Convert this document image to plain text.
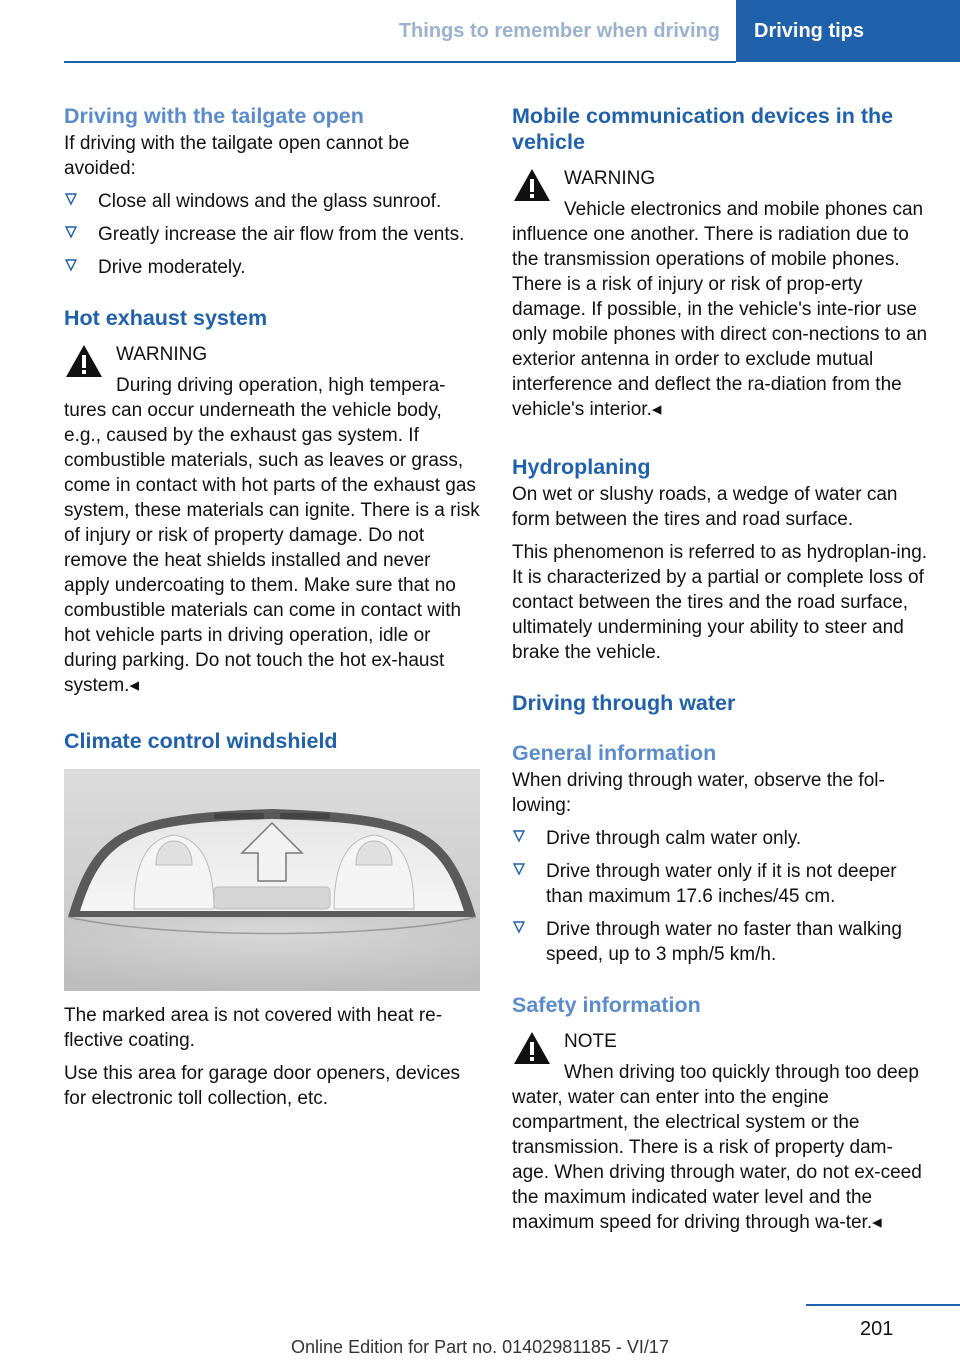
Things to remember when driving	Driving tips
Driving with the tailgate open
If driving with the tailgate open cannot be avoided:
Close all windows and the glass sunroof.
Greatly increase the air flow from the vents.
Drive moderately.
Hot exhaust system
WARNING
During driving operation, high tempera-tures can occur underneath the vehicle body, e.g., caused by the exhaust gas system. If combustible materials, such as leaves or grass, come in contact with hot parts of the exhaust gas system, these materials can ignite. There is a risk of injury or risk of property damage. Do not remove the heat shields installed and never apply undercoating to them. Make sure that no combustible materials can come in contact with hot vehicle parts in driving operation, idle or during parking. Do not touch the hot ex-haust system.◂
Climate control windshield
The marked area is not covered with heat re-flective coating.
Use this area for garage door openers, devices for electronic toll collection, etc.
Mobile communication devices in the vehicle
WARNING
Vehicle electronics and mobile phones can influence one another. There is radiation due to the transmission operations of mobile phones. There is a risk of injury or risk of prop-erty damage. If possible, in the vehicle's inte-rior use only mobile phones with direct con-nections to an exterior antenna in order to exclude mutual interference and deflect the ra-diation from the vehicle's interior.◂
Hydroplaning
On wet or slushy roads, a wedge of water can form between the tires and road surface.
This phenomenon is referred to as hydroplan-ing. It is characterized by a partial or complete loss of contact between the tires and the road surface, ultimately undermining your ability to steer and brake the vehicle.
Driving through water
General information
When driving through water, observe the fol-lowing:
Drive through calm water only.
Drive through water only if it is not deeper than maximum 17.6 inches/45 cm.
Drive through water no faster than walking speed, up to 3 mph/5 km/h.
Safety information
NOTE
When driving too quickly through too deep water, water can enter into the engine compartment, the electrical system or the transmission. There is a risk of property dam-age. When driving through water, do not ex-ceed the maximum indicated water level and the maximum speed for driving through wa-ter.◂
201
Online Edition for Part no. 01402981185 - VI/17
